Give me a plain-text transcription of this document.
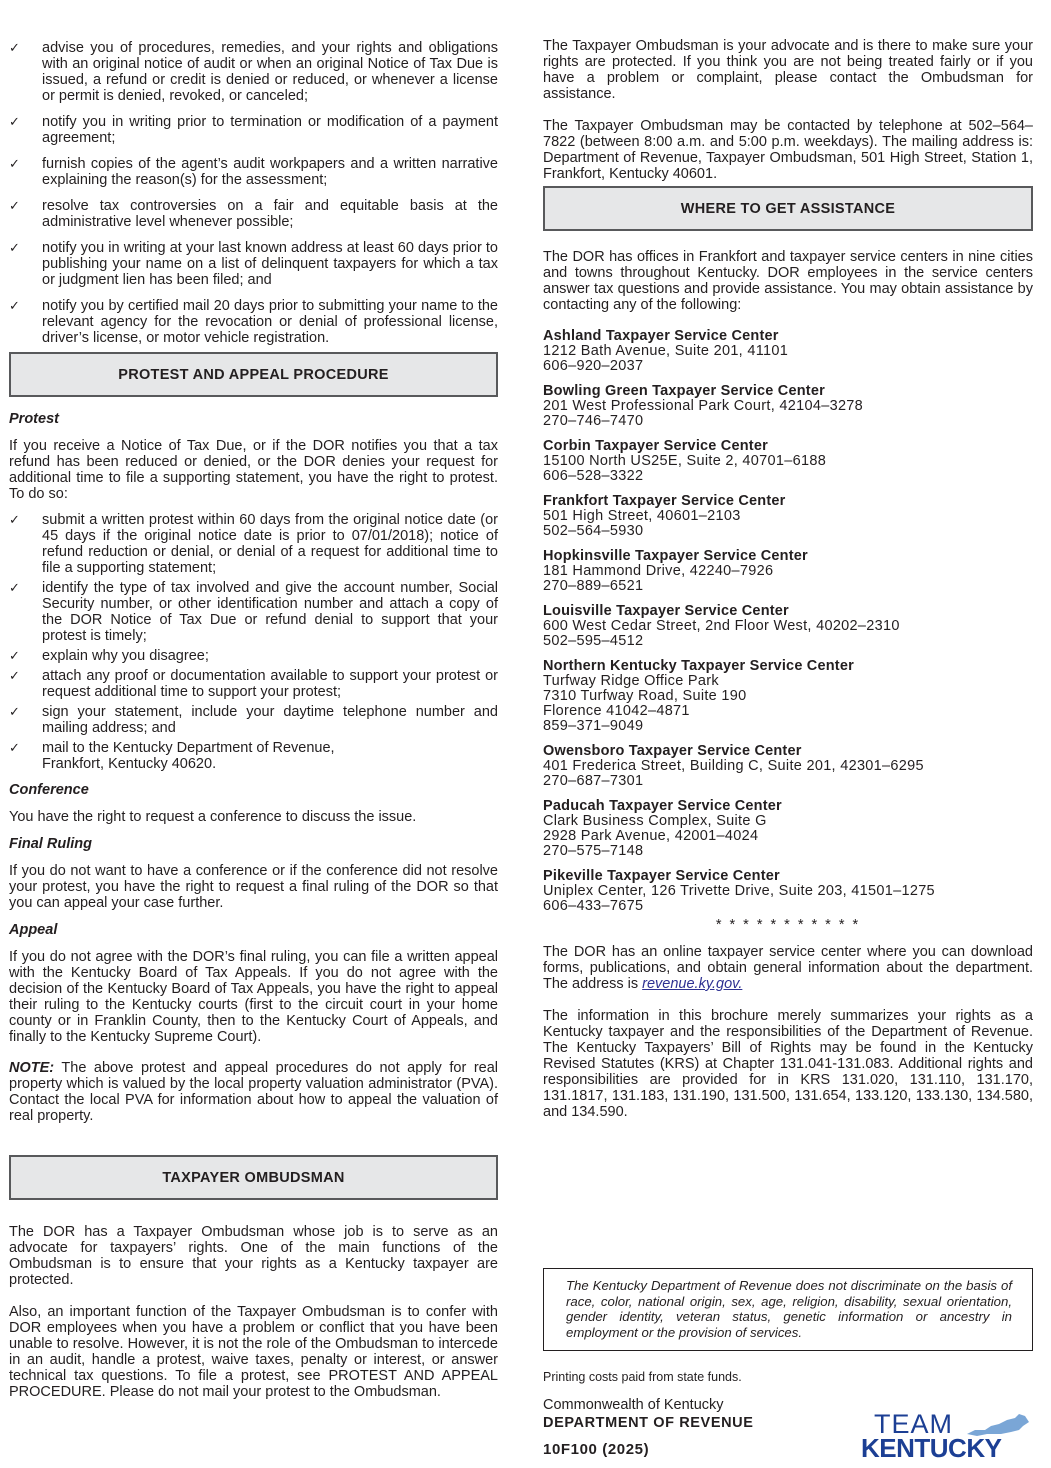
✓ advise you of procedures, remedies, and your rights and obligations with an original notice of audit or when an original Notice of Tax Due is issued, a refund or credit is denied or reduced, or whenever a license or permit is denied, revoked, or canceled;
✓ notify you in writing prior to termination or modification of a payment agreement;
✓ furnish copies of the agent’s audit workpapers and a written narrative explaining the reason(s) for the assessment;
✓ resolve tax controversies on a fair and equitable basis at the administrative level whenever possible;
✓ notify you in writing at your last known address at least 60 days prior to publishing your name on a list of delinquent taxpayers for which a tax or judgment lien has been filed; and
✓ notify you by certified mail 20 days prior to submitting your name to the relevant agency for the revocation or denial of professional license, driver’s license, or motor vehicle registration.
PROTEST AND APPEAL PROCEDURE
Protest

If you receive a Notice of Tax Due, or if the DOR notifies you that a tax refund has been reduced or denied, or the DOR denies your request for additional time to file a supporting statement, you have the right to protest. To do so:

✓ submit a written protest within 60 days from the original notice date (or 45 days if the original notice date is prior to 07/01/2018); notice of refund reduction or denial, or denial of a request for additional time to file a supporting statement;
✓ identify the type of tax involved and give the account number, Social Security number, or other identification number and attach a copy of the DOR Notice of Tax Due or refund denial to support that your protest is timely;
✓ explain why you disagree;
✓ attach any proof or documentation available to support your protest or request additional time to support your protest;
✓ sign your statement, include your daytime telephone number and mailing address; and
✓ mail to the Kentucky Department of Revenue,
Frankfort, Kentucky 40620.
Conference

You have the right to request a conference to discuss the issue.

Final Ruling

If you do not want to have a conference or if the conference did not resolve your protest, you have the right to request a final ruling of the DOR so that you can appeal your case further.

Appeal

If you do not agree with the DOR’s final ruling, you can file a written appeal with the Kentucky Board of Tax Appeals. If you do not agree with the decision of the Kentucky Board of Tax Appeals, you have the right to appeal their ruling to the Kentucky courts (first to the circuit court in your home county or in Franklin County, then to the Kentucky Court of Appeals, and finally to the Kentucky Supreme Court).

NOTE: The above protest and appeal procedures do not apply for real property which is valued by the local property valuation administrator (PVA). Contact the local PVA for information about how to appeal the valuation of real property.

TAXPAYER OMBUDSMAN

The DOR has a Taxpayer Ombudsman whose job is to serve as an advocate for taxpayers’ rights. One of the main functions of the Ombudsman is to ensure that your rights as a Kentucky taxpayer are protected.

Also, an important function of the Taxpayer Ombudsman is to confer with DOR employees when you have a problem or conflict that you have been unable to resolve. However, it is not the role of the Ombudsman to intercede in an audit, handle a protest, waive taxes, penalty or interest, or answer technical tax questions. To file a protest, see PROTEST AND APPEAL PROCEDURE. Please do not mail your protest to the Ombudsman.

The Taxpayer Ombudsman is your advocate and is there to make sure your rights are protected. If you think you are not being treated fairly or if you have a problem or complaint, please contact the Ombudsman for assistance.

The Taxpayer Ombudsman may be contacted by telephone at 502–564–7822 (between 8:00 a.m. and 5:00 p.m. weekdays). The mailing address is: Department of Revenue, Taxpayer Ombudsman, 501 High Street, Station 1, Frankfort, Kentucky 40601.

WHERE TO GET ASSISTANCE

The DOR has offices in Frankfort and taxpayer service centers in nine cities and towns throughout Kentucky. DOR employees in the service centers answer tax questions and provide assistance. You may obtain assistance by contacting any of the following:

Ashland Taxpayer Service Center
1212 Bath Avenue, Suite 201, 41101
606–920–2037
Bowling Green Taxpayer Service Center
201 West Professional Park Court, 42104–3278
270–746–7470
Corbin Taxpayer Service Center
15100 North US25E, Suite 2, 40701–6188
606–528–3322
Frankfort Taxpayer Service Center
501 High Street, 40601–2103
502–564–5930
Hopkinsville Taxpayer Service Center
181 Hammond Drive, 42240–7926
270–889–6521
Louisville Taxpayer Service Center
600 West Cedar Street, 2nd Floor West, 40202–2310
502–595–4512
Northern Kentucky Taxpayer Service Center
Turfway Ridge Office Park
7310 Turfway Road, Suite 190
Florence 41042–4871
859–371–9049
Owensboro Taxpayer Service Center
401 Frederica Street, Building C, Suite 201, 42301–6295
270–687–7301
Paducah Taxpayer Service Center
Clark Business Complex, Suite G
2928 Park Avenue, 42001–4024
270–575–7148
Pikeville Taxpayer Service Center
Uniplex Center, 126 Trivette Drive, Suite 203, 41501–1275
606–433–7675
* * * * * * * * * * *

The DOR has an online taxpayer service center where you can download forms, publications, and obtain general information about the department. The address is revenue.ky.gov.

The information in this brochure merely summarizes your rights as a Kentucky taxpayer and the responsibilities of the Department of Revenue. The Kentucky Taxpayers’ Bill of Rights may be found in the Kentucky Revised Statutes (KRS) at Chapter 131.041-131.083. Additional rights and responsibilities are provided for in KRS 131.020, 131.110, 131.170, 131.1817, 131.183, 131.190, 131.500, 131.654, 133.120, 133.130, 134.580, and 134.590.

The Kentucky Department of Revenue does not discriminate on the basis of race, color, national origin, sex, age, religion, disability, sexual orientation, gender identity, veteran status, genetic information or ancestry in employment or the provision of services.
Printing costs paid from state funds.
Commonwealth of Kentucky
DEPARTMENT OF REVENUE
10F100 (2025)
TEAM
KENTUCKY
